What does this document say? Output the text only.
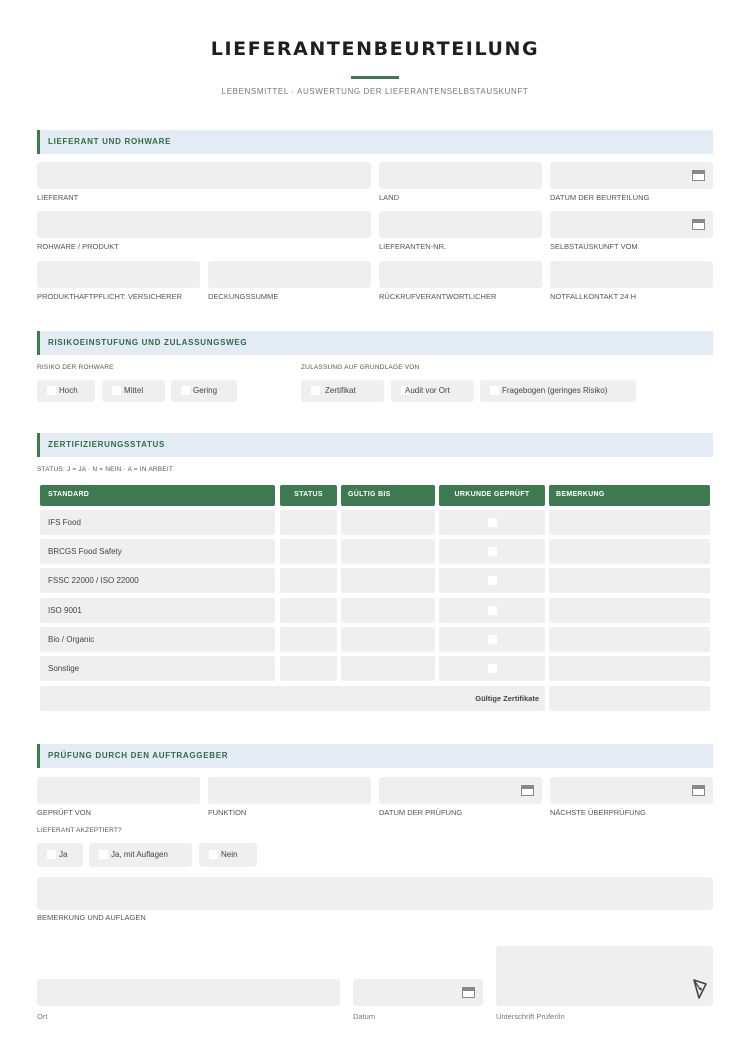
LIEFERANTENBEURTEILUNG
LEBENSMITTEL · AUSWERTUNG DER LIEFERANTENSELBSTAUSKUNFT
LIEFERANT UND ROHWARE
LIEFERANT	LAND	DATUM DER BEURTEILUNG
ROHWARE / PRODUKT	LIEFERANTEN-NR.	SELBSTAUSKUNFT VOM
PRODUKTHAFTPFLICHT: VERSICHERER	DECKUNGSSUMME	RÜCKRUFVERANTWORTLICHER	NOTFALLKONTAKT 24 H
RISIKOEINSTUFUNG UND ZULASSUNGSWEG
RISIKO DER ROHWARE	ZULASSUNG AUF GRUNDLAGE VON
Hoch	Mittel	Gering	Zertifikat	Audit vor Ort	Fragebogen (geringes Risiko)
ZERTIFIZIERUNGSSTATUS
STATUS: J = JA · N = NEIN · A = IN ARBEIT
STANDARD	STATUS	GÜLTIG BIS	URKUNDE GEPRÜFT	BEMERKUNG
IFS Food
BRCGS Food Safety
FSSC 22000 / ISO 22000
ISO 9001
Bio / Organic
Sonstige
Gültige Zertifikate
PRÜFUNG DURCH DEN AUFTRAGGEBER
GEPRÜFT VON	FUNKTION	DATUM DER PRÜFUNG	NÄCHSTE ÜBERPRÜFUNG
LIEFERANT AKZEPTIERT?
Ja	Ja, mit Auflagen	Nein
BEMERKUNG UND AUFLAGEN
Ort	Datum	Unterschrift Prüfer/in
